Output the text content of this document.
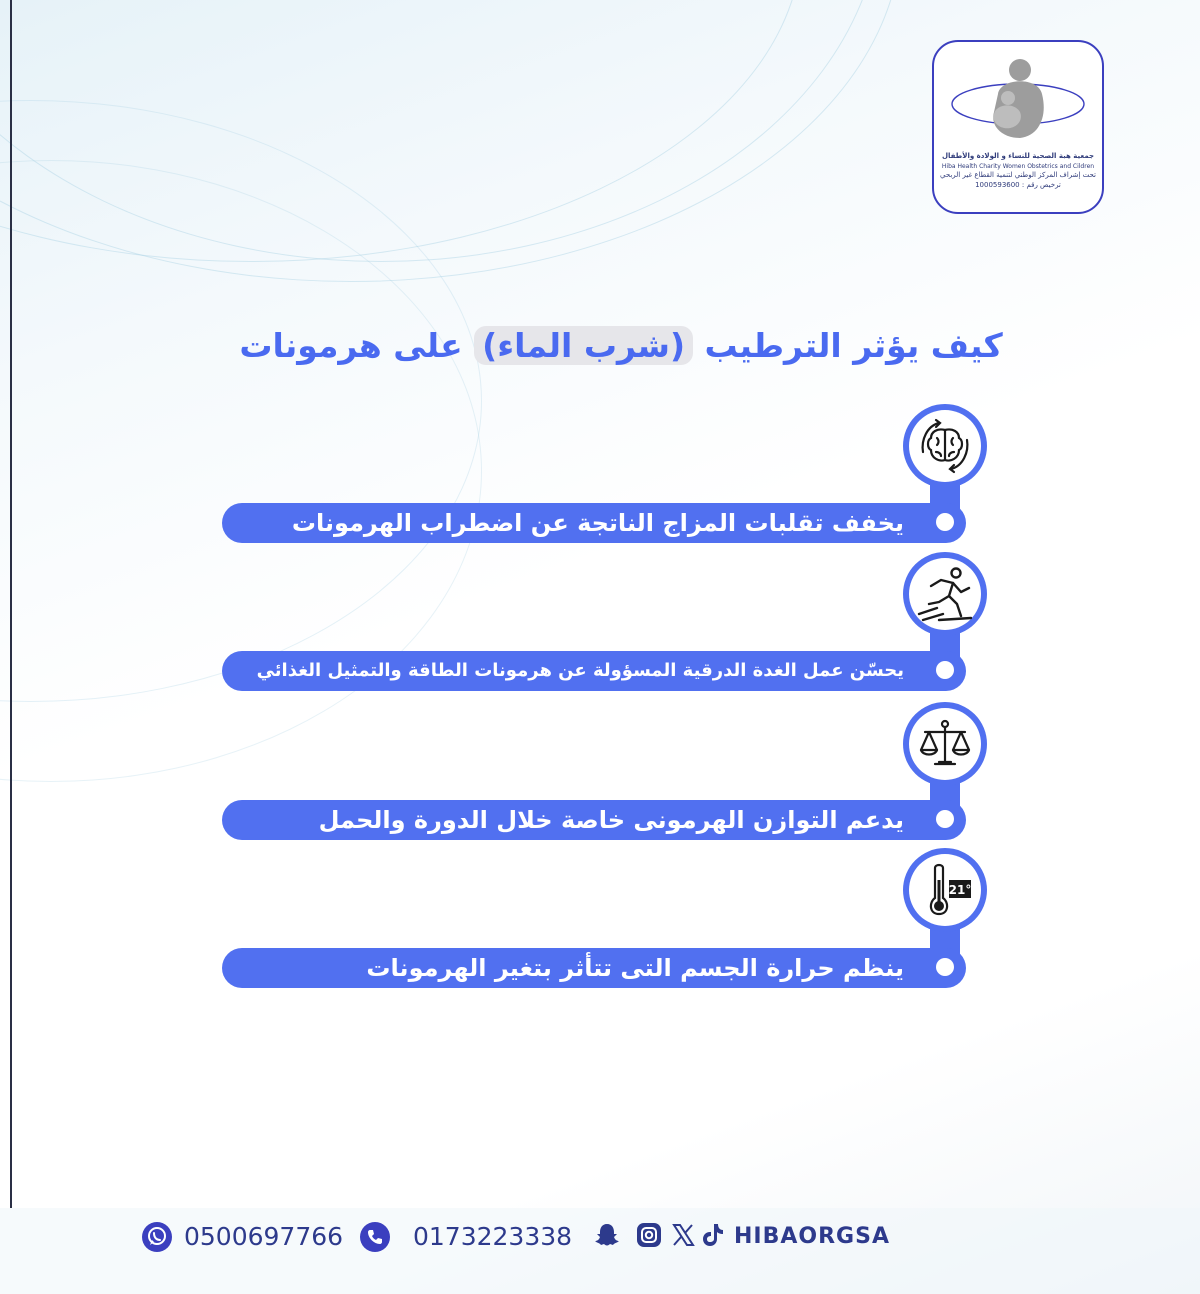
جمعية هبة الصحية للنساء و الولادة والأطفال
Hiba Health Charity Women Obstetrics and Cildren
تحت إشراف المركز الوطني لتنمية القطاع غير الربحي
ترخيص رقم : 1000593600
كيف يؤثر الترطيب (شرب الماء) على هرمونات
يخفف تقلبات المزاج الناتجة عن اضطراب الهرمونات
يحسّن عمل الغدة الدرقية المسؤولة عن هرمونات الطاقة والتمثيل الغذائي
يدعم التوازن الهرمونى خاصة خلال الدورة والحمل
21°
ينظم حرارة الجسم التى تتأثر بتغير الهرمونات
0500697766	0173223338	HIBAORGSA
